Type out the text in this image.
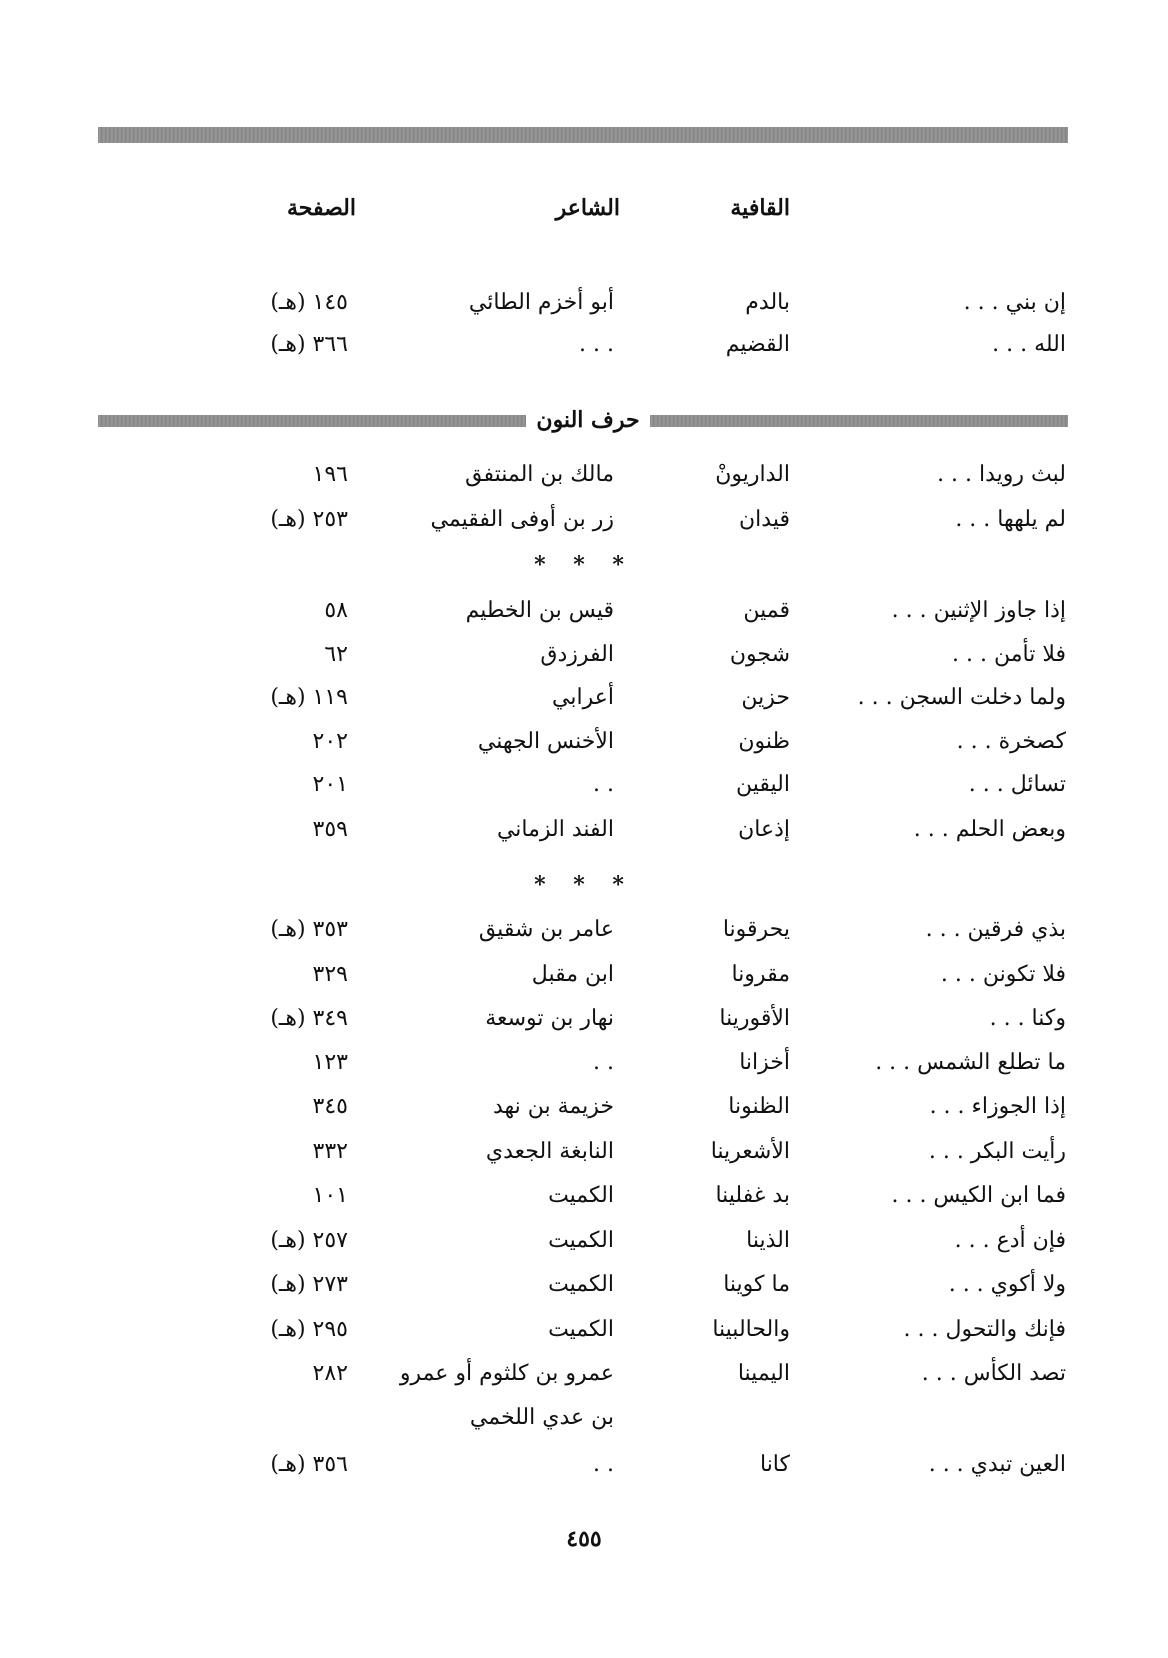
القافية
الشاعر
الصفحة
إن بني . . .
بالدم
أبو أخزم الطائي
١٤٥ (هـ)
الله . . .
القضيم
. . .
٣٦٦ (هـ)
حرف النون
لبث رويدا . . .
الداريونْ
مالك بن المنتفق
١٩٦
لم يلهها . . .
قيدان
زر بن أوفى الفقيمي
٢٥٣ (هـ)
* * *
إذا جاوز الإثنين . . .
قمين
قيس بن الخطيم
٥٨
فلا تأمن . . .
شجون
الفرزدق
٦٢
ولما دخلت السجن . . .
حزين
أعرابي
١١٩ (هـ)
كصخرة . . .
ظنون
الأخنس الجهني
٢٠٢
تسائل . . .
اليقين
. .
٢٠١
وبعض الحلم . . .
إذعان
الفند الزماني
٣٥٩
* * *
بذي فرقين . . .
يحرقونا
عامر بن شقيق
٣٥٣ (هـ)
فلا تكونن . . .
مقرونا
ابن مقبل
٣٢٩
وكنا . . .
الأقورينا
نهار بن توسعة
٣٤٩ (هـ)
ما تطلع الشمس . . .
أخزانا
. .
١٢٣
إذا الجوزاء . . .
الظنونا
خزيمة بن نهد
٣٤٥
رأيت البكر . . .
الأشعرينا
النابغة الجعدي
٣٣٢
فما ابن الكيس . . .
بد غفلينا
الكميت
١٠١
فإن أدع . . .
الذينا
الكميت
٢٥٧ (هـ)
ولا أكوي . . .
ما كوينا
الكميت
٢٧٣ (هـ)
فإنك والتحول . . .
والحالبينا
الكميت
٢٩٥ (هـ)
تصد الكأس . . .
اليمينا
عمرو بن كلثوم أو عمرو
٢٨٢
بن عدي اللخمي
العين تبدي . . .
كانا
. .
٣٥٦ (هـ)
٤٥٥
